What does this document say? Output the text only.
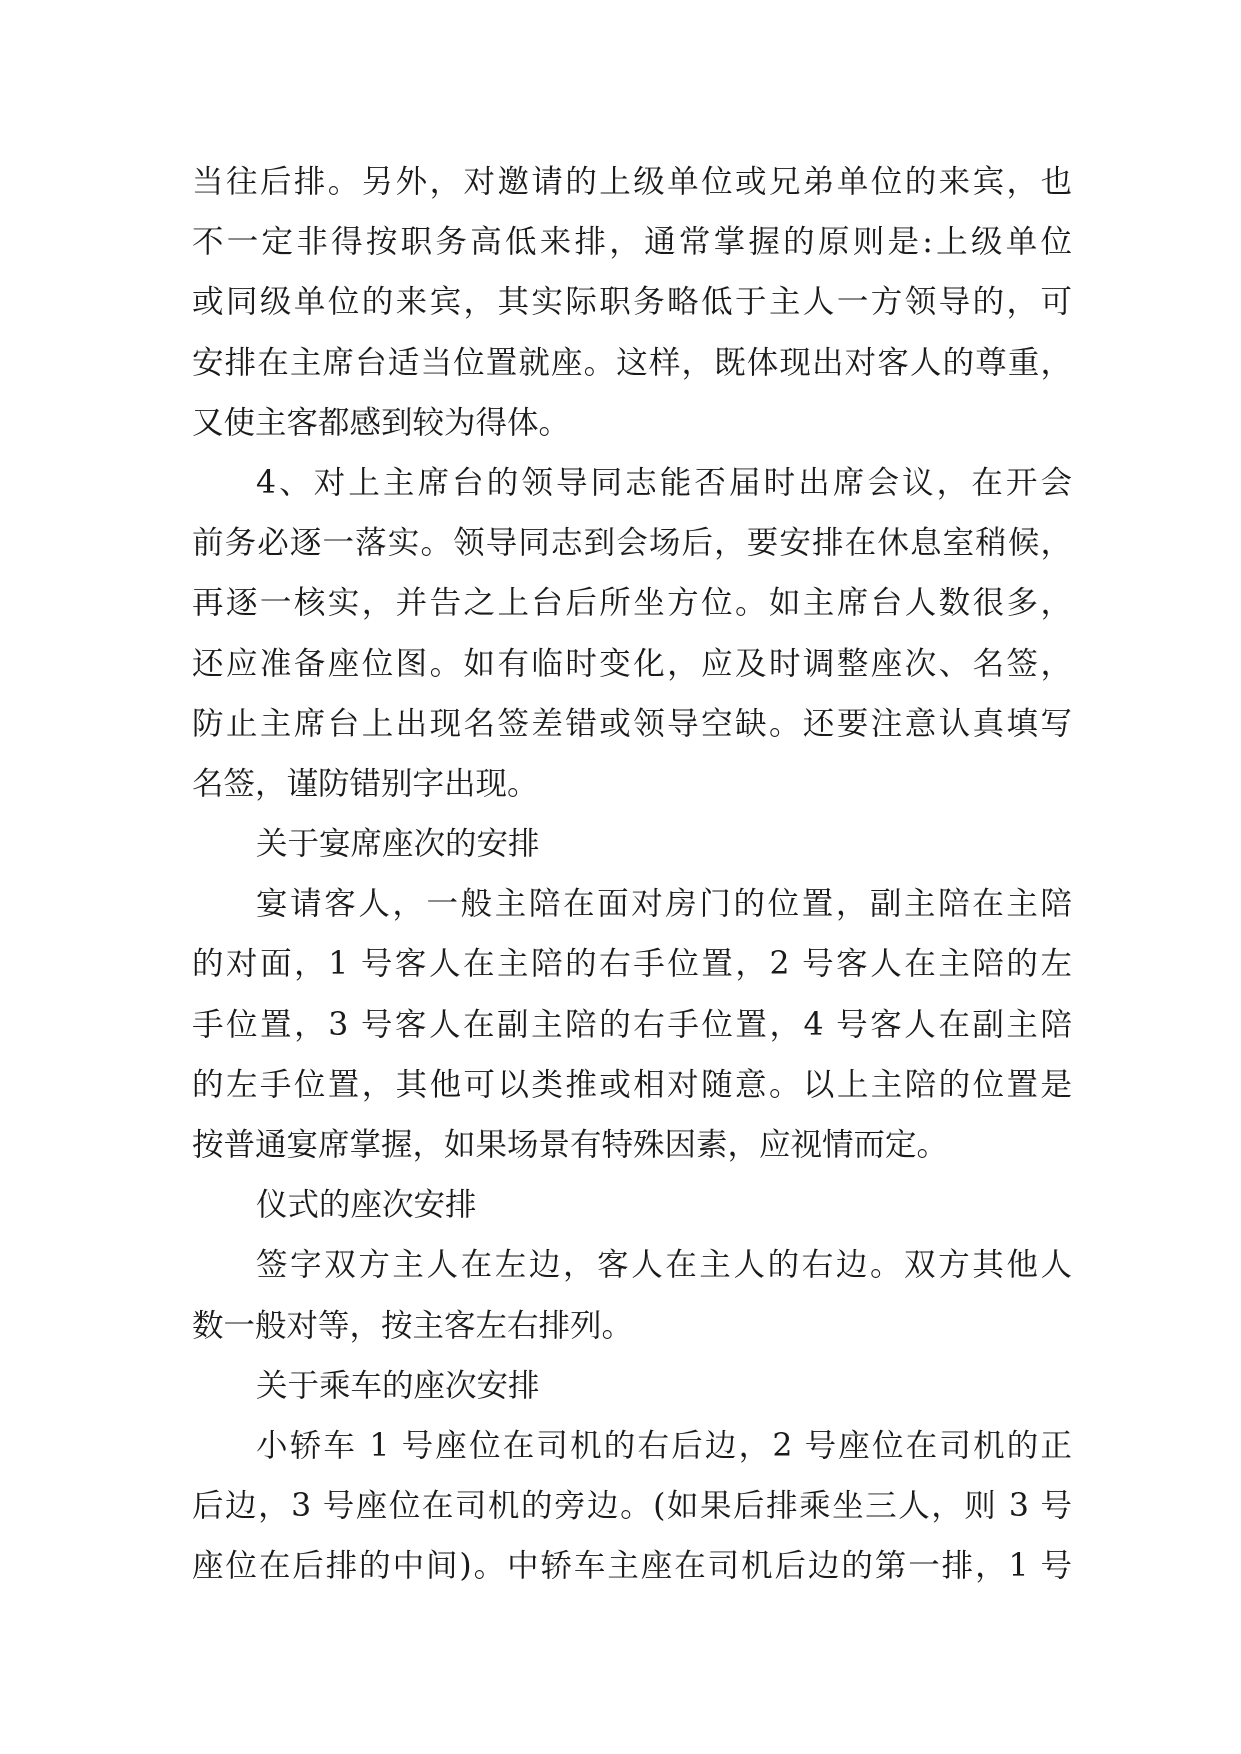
当往后排。另外，对邀请的上级单位或兄弟单位的来宾，也
不一定非得按职务高低来排，通常掌握的原则是:上级单位
或同级单位的来宾，其实际职务略低于主人一方领导的，可
安排在主席台适当位置就座。这样，既体现出对客人的尊重，
又使主客都感到较为得体。
4、对上主席台的领导同志能否届时出席会议，在开会
前务必逐一落实。领导同志到会场后，要安排在休息室稍候，
再逐一核实，并告之上台后所坐方位。如主席台人数很多，
还应准备座位图。如有临时变化，应及时调整座次、名签，
防止主席台上出现名签差错或领导空缺。还要注意认真填写
名签，谨防错别字出现。
关于宴席座次的安排
宴请客人，一般主陪在面对房门的位置，副主陪在主陪
的对面，1 号客人在主陪的右手位置，2 号客人在主陪的左
手位置，3 号客人在副主陪的右手位置，4 号客人在副主陪
的左手位置，其他可以类推或相对随意。以上主陪的位置是
按普通宴席掌握，如果场景有特殊因素，应视情而定。
仪式的座次安排
签字双方主人在左边，客人在主人的右边。双方其他人
数一般对等，按主客左右排列。
关于乘车的座次安排
小轿车 1 号座位在司机的右后边，2 号座位在司机的正
后边，3 号座位在司机的旁边。(如果后排乘坐三人，则 3 号
座位在后排的中间)。中轿车主座在司机后边的第一排，1 号
